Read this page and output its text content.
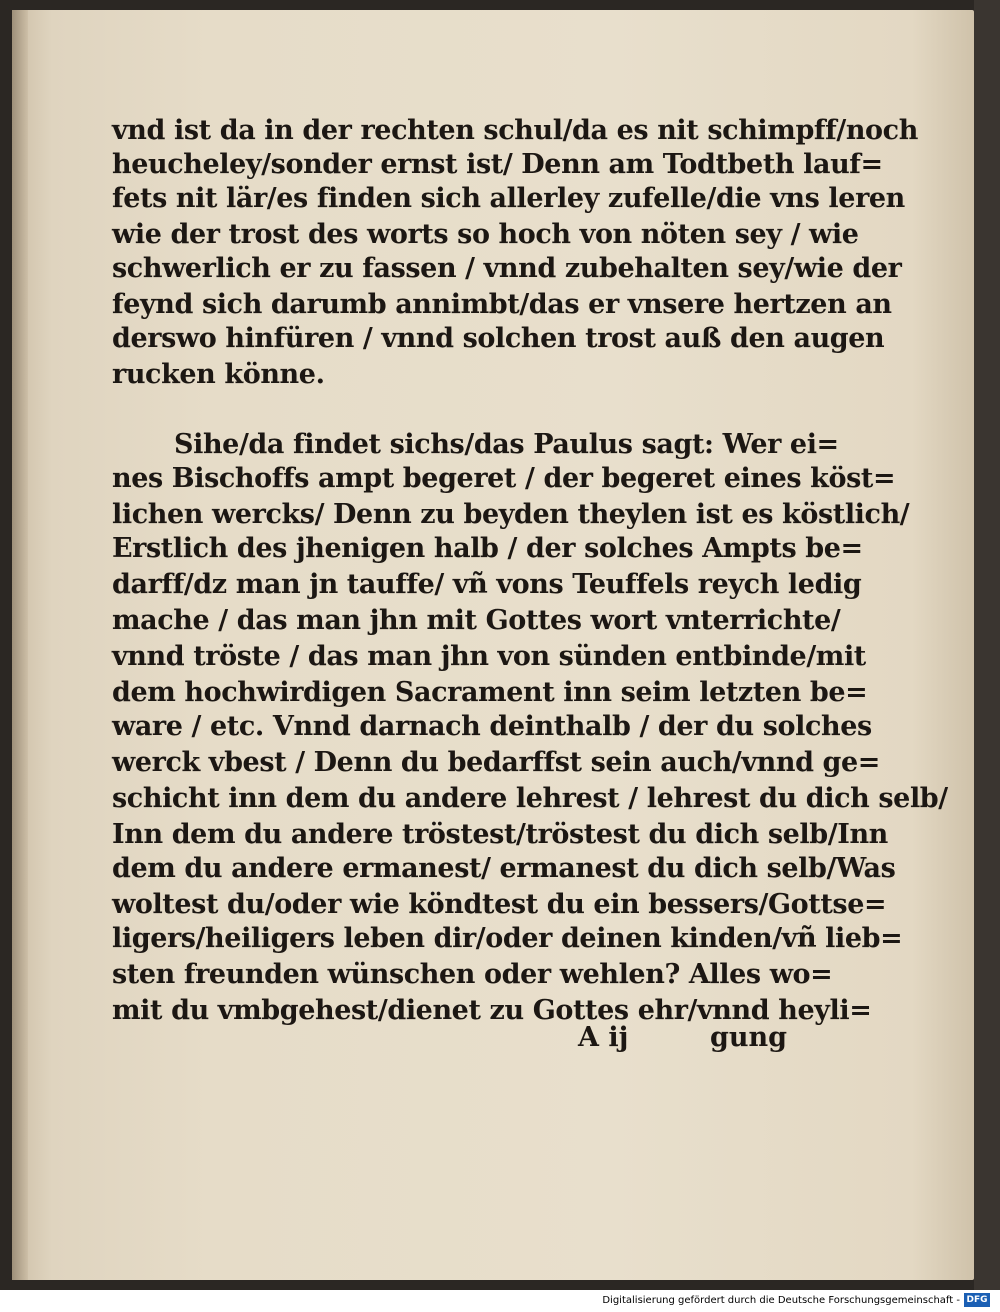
vnd ist da in der rechten schul/da es nit schimpff/noch
heucheley/sonder ernst ist/ Denn am Todtbeth lauf=
fets nit lär/es finden sich allerley zufelle/die vns leren
wie der trost des worts so hoch von nöten sey / wie
schwerlich er zu fassen / vnnd zubehalten sey/wie der
feynd sich darumb annimbt/das er vnsere hertzen an
derswo hinfüren / vnnd solchen trost auß den augen
rucken könne.
Sihe/da findet sichs/das Paulus sagt: Wer ei=
nes Bischoffs ampt begeret / der begeret eines köst=
lichen wercks/ Denn zu beyden theylen ist es köstlich/
Erstlich des jhenigen halb / der solches Ampts be=
darff/dz man jn tauffe/ vñ vons Teuffels reych ledig
mache / das man jhn mit Gottes wort vnterrichte/
vnnd tröste / das man jhn von sünden entbinde/mit
dem hochwirdigen Sacrament inn seim letzten be=
ware / etc. Vnnd darnach deinthalb / der du solches
werck vbest / Denn du bedarffst sein auch/vnnd ge=
schicht inn dem du andere lehrest / lehrest du dich selb/
Inn dem du andere tröstest/tröstest du dich selb/Inn
dem du andere ermanest/ ermanest du dich selb/Was
woltest du/oder wie köndtest du ein bessers/Gottse=
ligers/heiligers leben dir/oder deinen kinden/vñ lieb=
sten freunden wünschen oder wehlen? Alles wo=
mit du vmbgehest/dienet zu Gottes ehr/vnnd heyli=
A ij	gung
Digitalisierung gefördert durch die Deutsche Forschungsgemeinschaft - DFG
